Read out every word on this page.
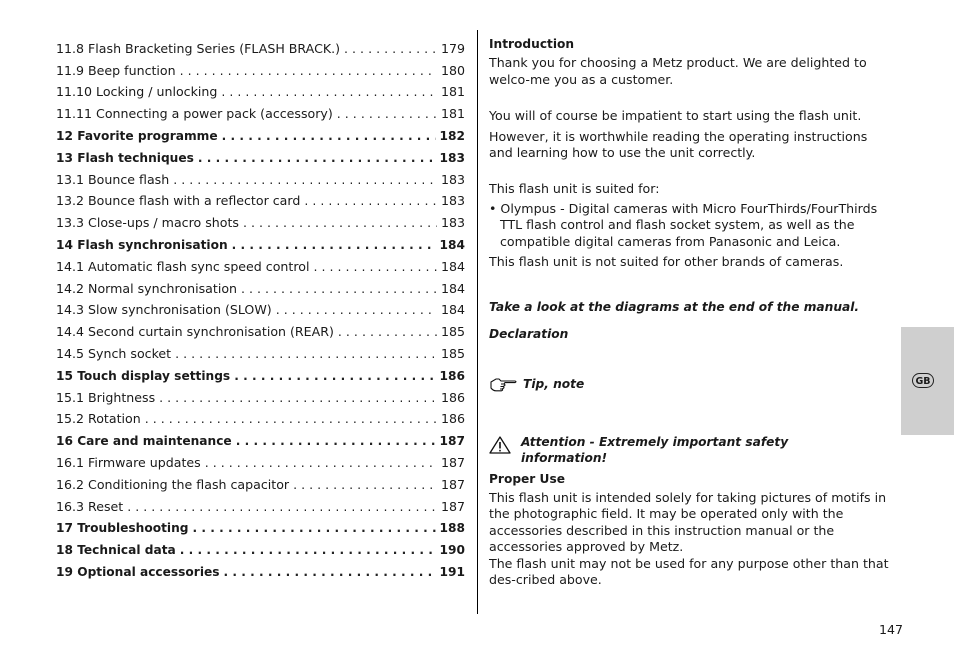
11.8 Flash Bracketing Series (FLASH BRACK.) . . .	179
11.9 Beep function . . .	180
11.10 Locking / unlocking . . .	181
11.11 Connecting a power pack (accessory) . . .	181
12 Favorite programme . . .	182
13 Flash techniques . . .	183
13.1 Bounce flash . . .	183
13.2 Bounce flash with a reflector card . . .	183
13.3 Close-ups / macro shots . . .	183
14 Flash synchronisation . . .	184
14.1 Automatic flash sync speed control . . .	184
14.2 Normal synchronisation . . .	184
14.3 Slow synchronisation (SLOW) . . .	184
14.4 Second curtain synchronisation (REAR) . . .	185
14.5 Synch socket . . .	185
15 Touch display settings . . .	186
15.1 Brightness . . .	186
15.2 Rotation . . .	186
16 Care and maintenance . . .	187
16.1 Firmware updates . . .	187
16.2 Conditioning the flash capacitor . . .	187
16.3 Reset . . .	187
17 Troubleshooting . . .	188
18 Technical data . . .	190
19 Optional accessories . . .	191

Introduction

Thank you for choosing a Metz product. We are delighted to welco-me you as a customer.

You will of course be impatient to start using the flash unit.

However, it is worthwhile reading the operating instructions and learning how to use the unit correctly.

This flash unit is suited for:

• Olympus - Digital cameras with Micro FourThirds/FourThirds TTL flash control and flash socket system, as well as the compatible digital cameras from Panasonic and Leica.

This flash unit is not suited for other brands of cameras.

Take a look at the diagrams at the end of the manual.

Declaration

Tip, note

Attention - Extremely important safety

information!

Proper Use

This flash unit is intended solely for taking pictures of motifs in the photographic field. It may be operated only with the accessories described in this instruction manual or the accessories approved by Metz.

The flash unit may not be used for any purpose other than that des-cribed above.

GB
147
